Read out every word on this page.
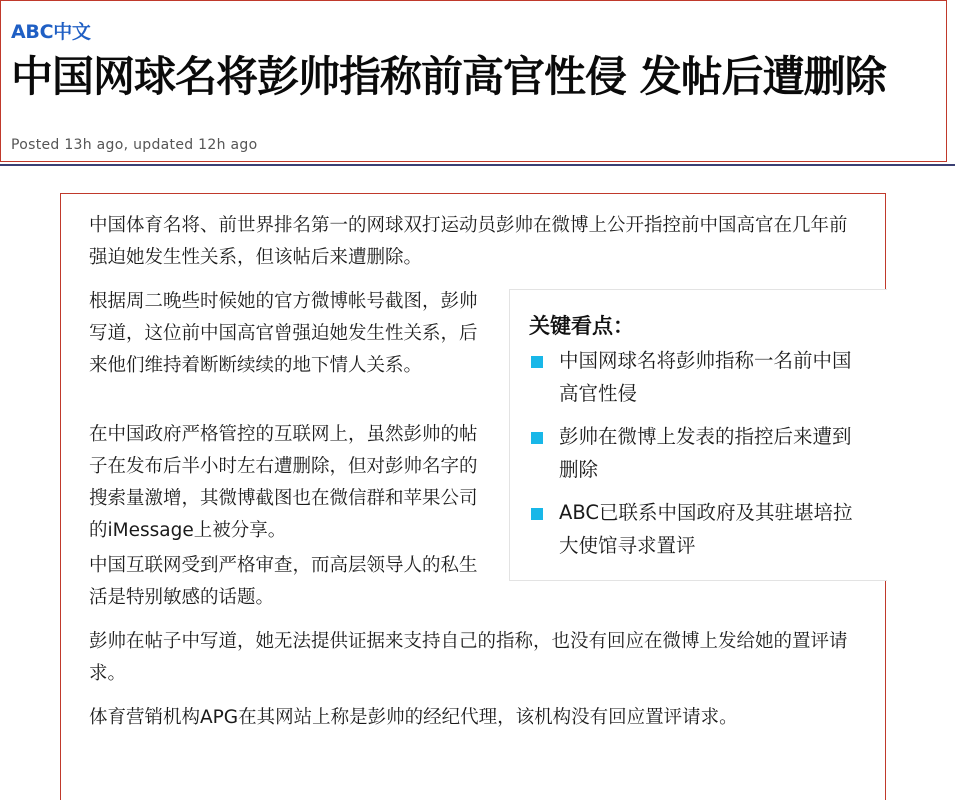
ABC中文
中国网球名将彭帅指称前高官性侵 发帖后遭删除
Posted 13h ago, updated 12h ago

中国体育名将、前世界排名第一的网球双打运动员彭帅在微博上公开指控前中国高官在几年前强迫她发生性关系，但该帖后来遭删除。

根据周二晚些时候她的官方微博帐号截图，彭帅写道，这位前中国高官曾强迫她发生性关系，后来他们维持着断断续续的地下情人关系。

在中国政府严格管控的互联网上，虽然彭帅的帖子在发布后半小时左右遭删除，但对彭帅名字的搜索量激增，其微博截图也在微信群和苹果公司的iMessage上被分享。

中国互联网受到严格审查，而高层领导人的私生活是特别敏感的话题。

彭帅在帖子中写道，她无法提供证据来支持自己的指称，也没有回应在微博上发给她的置评请求。

体育营销机构APG在其网站上称是彭帅的经纪代理，该机构没有回应置评请求。

关键看点：
中国网球名将彭帅指称一名前中国高官性侵
彭帅在微博上发表的指控后来遭到删除
ABC已联系中国政府及其驻堪培拉大使馆寻求置评
